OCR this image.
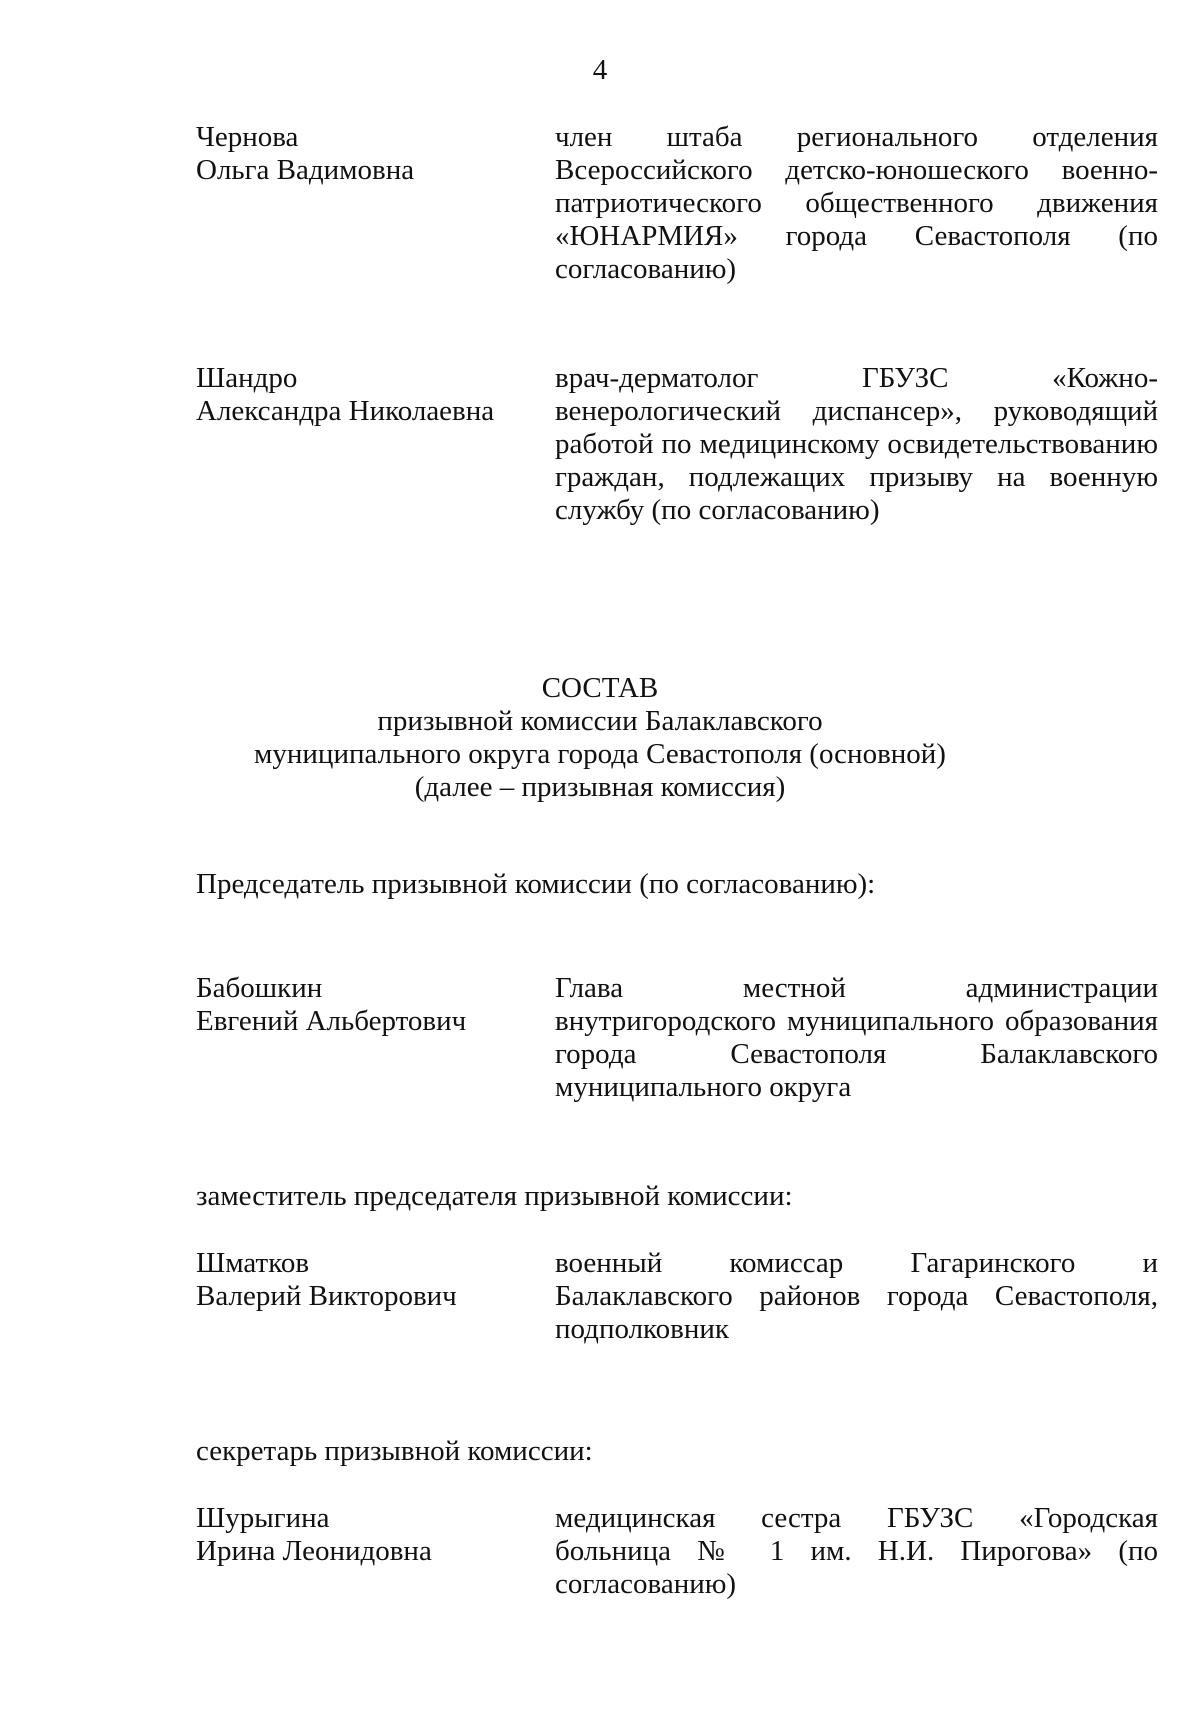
4
Чернова
Ольга Вадимовна
член штаба регионального отделения Всероссийского детско-юношеского военно-патриотического общественного движения «ЮНАРМИЯ» города Севастополя (по согласованию)
Шандро
Александра Николаевна
врач-дерматолог ГБУЗС «Кожно-венерологический диспансер», руководящий работой по медицинскому освидетельствованию граждан, подлежащих призыву на военную службу (по согласованию)
СОСТАВ
призывной комиссии Балаклавского
муниципального округа города Севастополя (основной)
(далее – призывная комиссия)
Председатель призывной комиссии (по согласованию):
Бабошкин
Евгений Альбертович
Глава местной администрации внутригородского муниципального образования города Севастополя Балаклавского муниципального округа
заместитель председателя призывной комиссии:
Шматков
Валерий Викторович
военный комиссар Гагаринского и Балаклавского районов города Севастополя, подполковник
секретарь призывной комиссии:
Шурыгина
Ирина Леонидовна
медицинская сестра ГБУЗС «Городская больница № 1 им. Н.И. Пирогова» (по согласованию)
